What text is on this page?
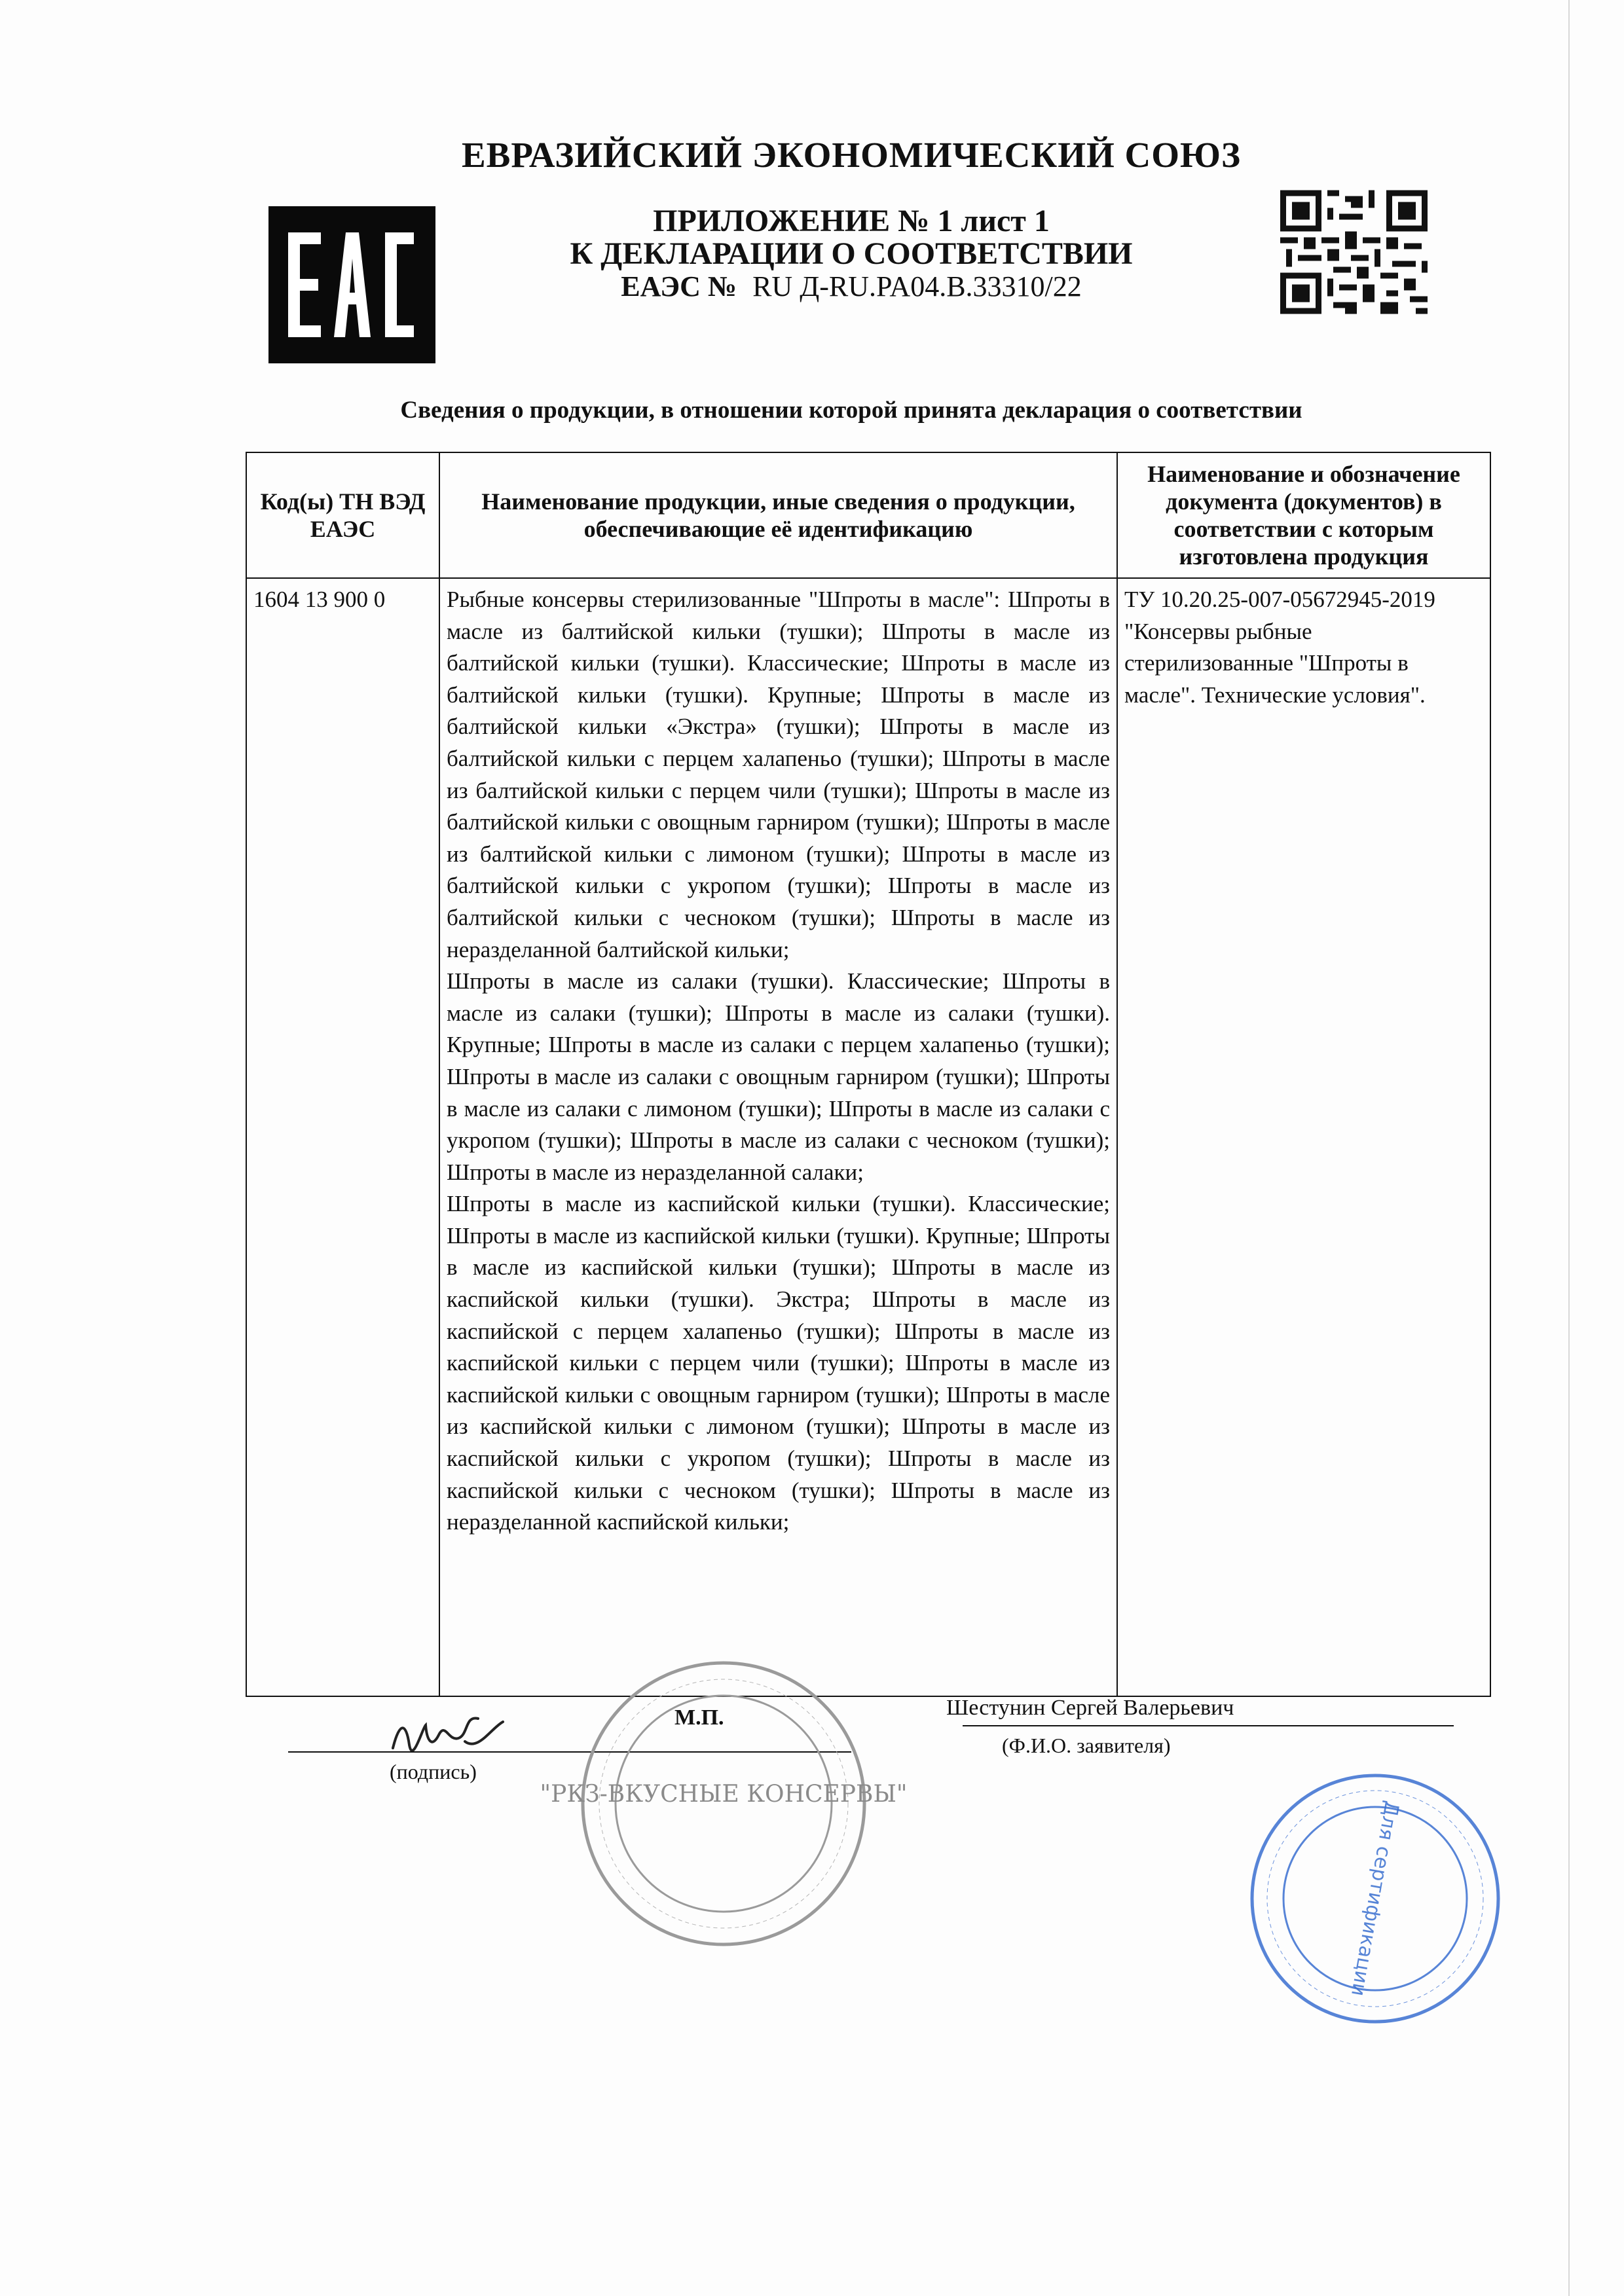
ЕВРАЗИЙСКИЙ ЭКОНОМИЧЕСКИЙ СОЮЗ
ПРИЛОЖЕНИЕ № 1 лист 1
К ДЕКЛАРАЦИИ О СООТВЕТСТВИИ
ЕАЭС № RU Д-RU.PA04.B.33310/22
Сведения о продукции, в отношении которой принята декларация о соответствии
Код(ы) ТН ВЭД ЕАЭС	Наименование продукции, иные сведения о продукции, обеспечивающие её идентификацию	Наименование и обозначение документа (документов) в соответствии с которым изготовлена продукция
1604 13 900 0	Рыбные консервы стерилизованные "Шпроты в масле": Шпроты в масле из балтийской кильки (тушки); Шпроты в масле из балтийской кильки (тушки). Классические; Шпроты в масле из балтийской кильки (тушки). Крупные; Шпроты в масле из балтийской кильки «Экстра» (тушки); Шпроты в масле из балтийской кильки с перцем халапеньо (тушки); Шпроты в масле из балтийской кильки с перцем чили (тушки); Шпроты в масле из балтийской кильки с овощным гарниром (тушки); Шпроты в масле из балтийской кильки с лимоном (тушки); Шпроты в масле из балтийской кильки с укропом (тушки); Шпроты в масле из балтийской кильки с чесноком (тушки); Шпроты в масле из неразделанной балтийской кильки;
Шпроты в масле из салаки (тушки). Классические; Шпроты в масле из салаки (тушки); Шпроты в масле из салаки (тушки). Крупные; Шпроты в масле из салаки с перцем халапеньо (тушки); Шпроты в масле из салаки с овощным гарниром (тушки); Шпроты в масле из салаки с лимоном (тушки); Шпроты в масле из салаки с укропом (тушки); Шпроты в масле из салаки с чесноком (тушки); Шпроты в масле из неразделанной салаки;
Шпроты в масле из каспийской кильки (тушки). Классические; Шпроты в масле из каспийской кильки (тушки). Крупные; Шпроты в масле из каспийской кильки (тушки); Шпроты в масле из каспийской кильки (тушки). Экстра; Шпроты в масле из каспийской с перцем халапеньо (тушки); Шпроты в масле из каспийской кильки с перцем чили (тушки); Шпроты в масле из каспийской кильки с овощным гарниром (тушки); Шпроты в масле из каспийской кильки с лимоном (тушки); Шпроты в масле из каспийской кильки с укропом (тушки); Шпроты в масле из каспийской кильки с чесноком (тушки); Шпроты в масле из неразделанной каспийской кильки;	ТУ 10.20.25-007-05672945-2019 "Консервы рыбные стерилизованные "Шпроты в масле". Технические условия".
(подпись)
М.П.	Шестунин Сергей Валерьевич
(Ф.И.О. заявителя)
"РКЗ-ВКУСНЫЕ КОНСЕРВЫ"
Для сертификации
